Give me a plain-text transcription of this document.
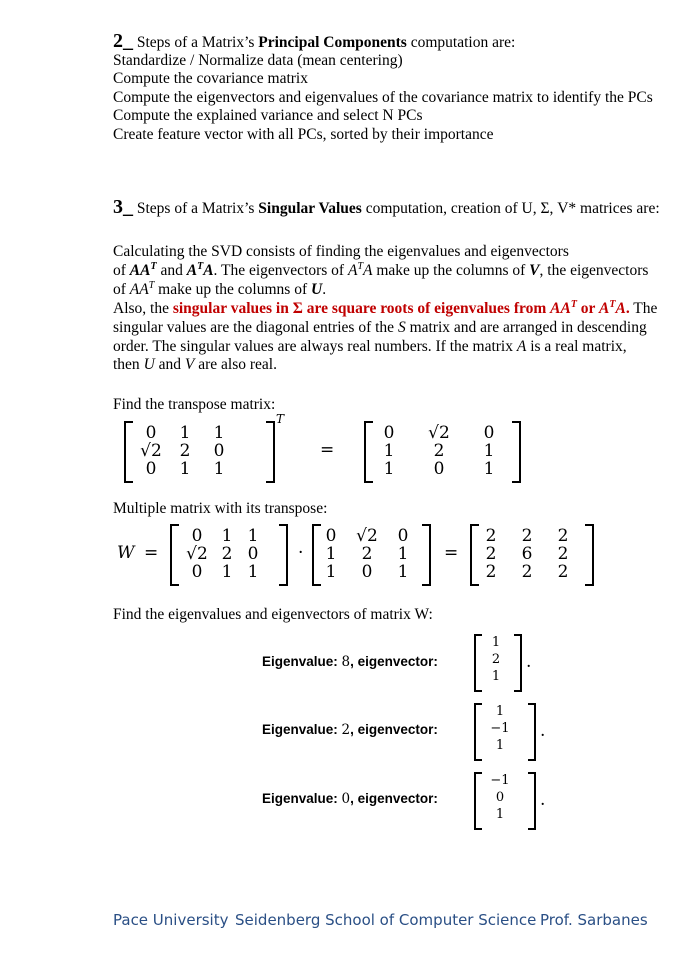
2_ Steps of a Matrix’s Principal Components computation are:
Standardize / Normalize data (mean centering)
Compute the covariance matrix
Compute the eigenvectors and eigenvalues of the covariance matrix to identify the PCs
Compute the explained variance and select N PCs
Create feature vector with all PCs, sorted by their importance
3_ Steps of a Matrix’s Singular Values computation, creation of U, Σ, V* matrices are:
Calculating the SVD consists of finding the eigenvalues and eigenvectors
of $AA^T$ and $A^TA$. The eigenvectors of $A^TA$ make up the columns of V, the eigenvectors
of $AA^T$ make up the columns of U.
Also, the singular values in Σ are square roots of eigenvalues from $AA^T$ or $A^TA$. The
singular values are the diagonal entries of the S matrix and are arranged in descending
order. The singular values are always real numbers. If the matrix A is a real matrix,
then U and V are also real.
Find the transpose matrix:
0	1	1
√2	2	0
0	1	1
T
=
0	√2	0
1	2	1
1	0	1
Multiple matrix with its transpose:
W =
0	1 1
√2 2 0
0	1 1
·
0	√2	0
1	2	1
1	0	1
=
2	2	2
2	6	2
2	2	2
Find the eigenvalues and eigenvectors of matrix W:
Eigenvalue: 8, eigenvector:
1
2
1
.
Eigenvalue: 2, eigenvector:
1
−1
1
.
Eigenvalue: 0, eigenvector:
−1
0
1
.
Pace University Seidenberg School of Computer Science Prof. Sarbanes
